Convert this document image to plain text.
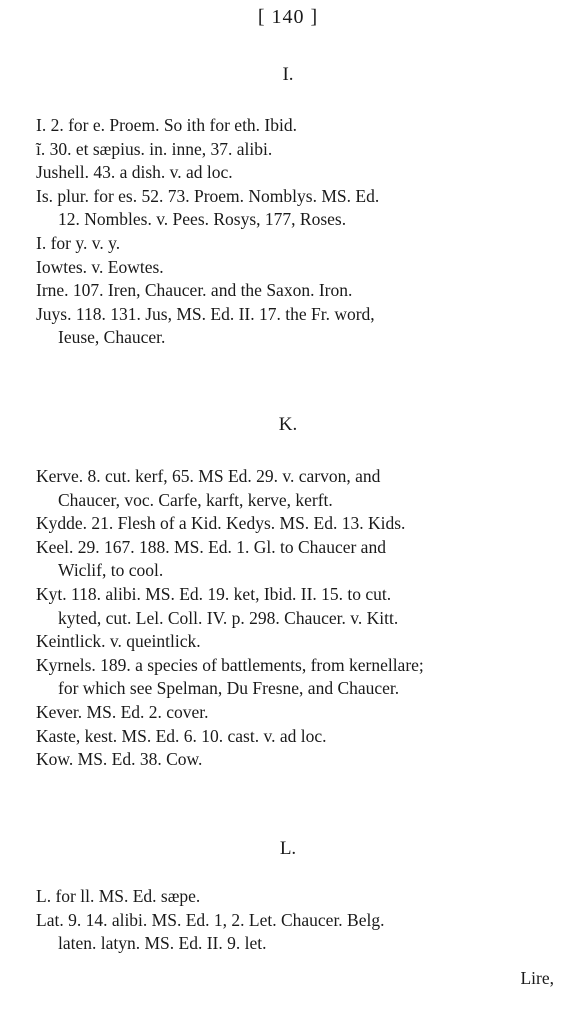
[ 140 ]
I.
I. 2. for e. Proem. So ith for eth. Ibid.
ĩ. 30. et sæpius. in. inne, 37. alibi.
Jushell. 43. a dish. v. ad loc.
Is. plur. for es. 52. 73. Proem. Nomblys. MS. Ed.
12. Nombles. v. Pees. Rosys, 177, Roses.
I. for y. v. y.
Iowtes. v. Eowtes.
Irne. 107. Iren, Chaucer. and the Saxon. Iron.
Juys. 118. 131. Jus, MS. Ed. II. 17. the Fr. word,
Ieuse, Chaucer.
K.
Kerve. 8. cut. kerf, 65. MS Ed. 29. v. carvon, and
Chaucer, voc. Carfe, karft, kerve, kerft.
Kydde. 21. Flesh of a Kid. Kedys. MS. Ed. 13. Kids.
Keel. 29. 167. 188. MS. Ed. 1. Gl. to Chaucer and
Wiclif, to cool.
Kyt. 118. alibi. MS. Ed. 19. ket, Ibid. II. 15. to cut.
kyted, cut. Lel. Coll. IV. p. 298. Chaucer. v. Kitt.
Keintlick. v. queintlick.
Kyrnels. 189. a species of battlements, from kernellare;
for which see Spelman, Du Fresne, and Chaucer.
Kever. MS. Ed. 2. cover.
Kaste, kest. MS. Ed. 6. 10. cast. v. ad loc.
Kow. MS. Ed. 38. Cow.
L.
L. for ll. MS. Ed. sæpe.
Lat. 9. 14. alibi. MS. Ed. 1, 2. Let. Chaucer. Belg.
laten. latyn. MS. Ed. II. 9. let.
Lire,
